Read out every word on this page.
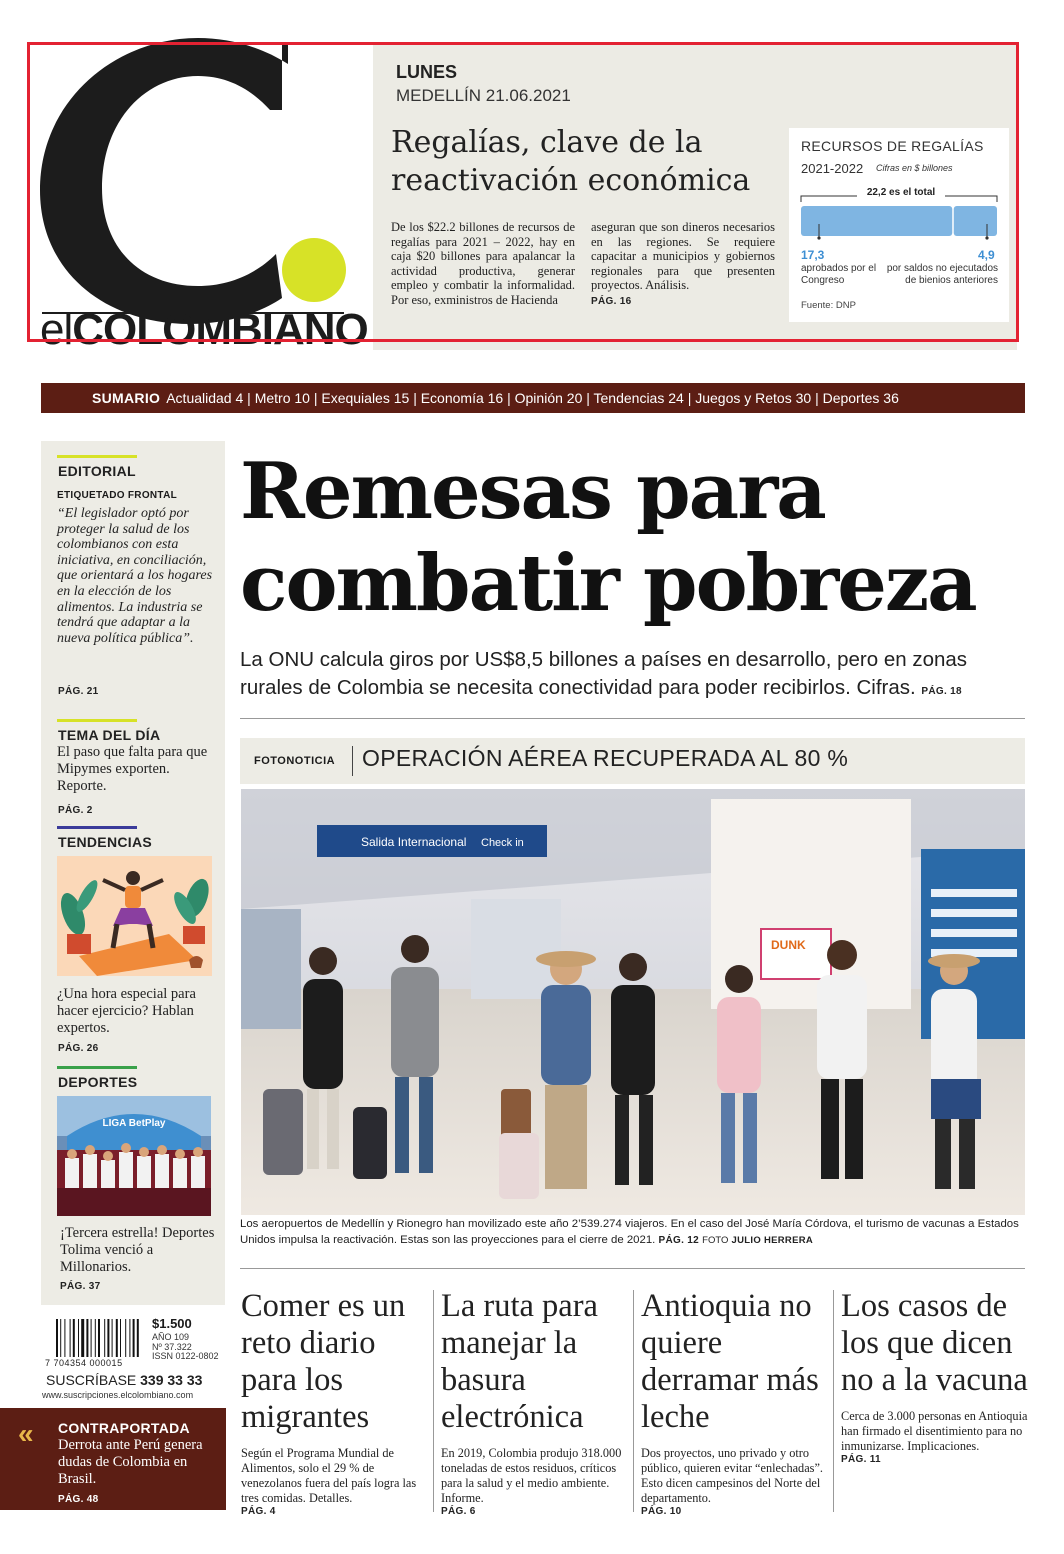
elCOLOMBIANO
LUNES
MEDELLÍN 21.06.2021
Regalías, clave de la reactivación económica
De los $22.2 billones de recursos de regalías para 2021 – 2022, hay en caja $20 billones para apalancar la actividad productiva, generar empleo y combatir la informalidad. Por eso, exministros de Hacienda
aseguran que son dineros necesarios en las regiones. Se requiere capacitar a municipios y gobiernos regionales para que presenten proyectos. Análisis.
PÁG. 16
RECURSOS DE REGALÍAS
2021-2022 Cifras en $ billones
22,2 es el total
17,3	4,9
aprobados por el Congreso
por saldos no ejecutados de bienios anteriores
Fuente: DNP
SUMARIO Actualidad 4 | Metro 10 | Exequiales 15 | Economía 16 | Opinión 20 | Tendencias 24 | Juegos y Retos 30 | Deportes 36
EDITORIAL
ETIQUETADO FRONTAL
“El legislador optó por proteger la salud de los colombianos con esta iniciativa, en conciliación, que orientará a los hogares en la elección de los alimentos. La industria se tendrá que adaptar a la nueva política pública”.
PÁG. 21
TEMA DEL DÍA
El paso que falta para que Mipymes exporten. Reporte.
PÁG. 2
TENDENCIAS
¿Una hora especial para hacer ejercicio? Hablan expertos.
PÁG. 26
DEPORTES
LIGA BetPlay
¡Tercera estrella! Deportes Tolima venció a Millonarios.
PÁG. 37
7 704354 000015
$1.500
AÑO 109
Nº 37.322
ISSN 0122-0802
SUSCRÍBASE 339 33 33
www.suscripciones.elcolombiano.com
« CONTRAPORTADA
Derrota ante Perú genera dudas de Colombia en Brasil.
PÁG. 48
Remesas para combatir pobreza
La ONU calcula giros por US$8,5 billones a países en desarrollo, pero en zonas rurales de Colombia se necesita conectividad para poder recibirlos. Cifras. PÁG. 18
FOTONOTICIA OPERACIÓN AÉREA RECUPERADA AL 80 %
Salida Internacional Check in
DUNK
Los aeropuertos de Medellín y Rionegro han movilizado este año 2’539.274 viajeros. En el caso del José María Córdova, el turismo de vacunas a Estados Unidos impulsa la reactivación. Estas son las proyecciones para el cierre de 2021. PÁG. 12 FOTO JULIO HERRERA
Comer es un reto diario para los migrantes
Según el Programa Mundial de Alimentos, solo el 29 % de venezolanos fuera del país logra las tres comidas. Detalles.
PÁG. 4
La ruta para manejar la basura electrónica
En 2019, Colombia produjo 318.000 toneladas de estos residuos, críticos para la salud y el medio ambiente. Informe.
PÁG. 6
Antioquia no quiere derramar más leche
Dos proyectos, uno privado y otro público, quieren evitar “enlechadas”. Esto dicen campesinos del Norte del departamento.
PÁG. 10
Los casos de los que dicen no a la vacuna
Cerca de 3.000 personas en Antioquia han firmado el disentimiento para no inmunizarse. Implicaciones.
PÁG. 11
